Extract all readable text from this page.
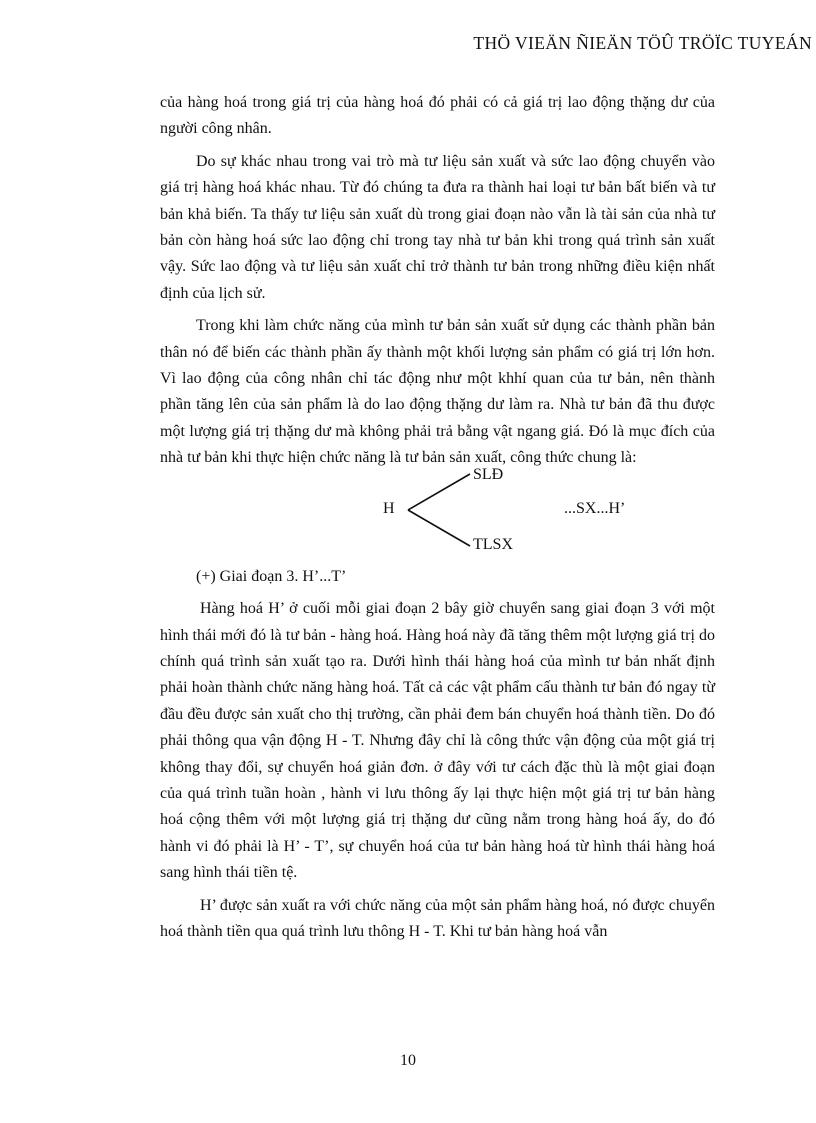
THÖ VIEÄN ÑIEÄN TÖÛ TRÖÏC TUYEÁN

của hàng hoá trong giá trị của hàng hoá đó phải có cả giá trị lao động thặng dư của người công nhân.

Do sự khác nhau trong vai trò mà tư liệu sản xuất và sức lao động chuyển vào giá trị hàng hoá khác nhau. Từ đó chúng ta đưa ra thành hai loại tư bản bất biến và tư bản khả biến. Ta thấy tư liệu sản xuất dù trong giai đoạn nào vẫn là tài sản của nhà tư bản còn hàng hoá sức lao động chỉ trong tay nhà tư bản khi trong quá trình sản xuất vậy. Sức lao động và tư liệu sản xuất chỉ trở thành tư bản trong những điều kiện nhất định của lịch sử.

Trong khi làm chức năng của mình tư bản sản xuất sử dụng các thành phần bản thân nó để biến các thành phần ấy thành một khối lượng sản phẩm có giá trị lớn hơn. Vì lao động của công nhân chỉ tác động như một khhí quan của tư bản, nên thành phần tăng lên của sản phẩm là do lao động thặng dư làm ra. Nhà tư bản đã thu được một lượng giá trị thặng dư mà không phải trả bằng vật ngang giá. Đó là mục đích của nhà tư bản khi thực hiện chức năng là tư bản sản xuất, công thức chung là:

H
SLĐ
TLSX
...SX...H’

(+) Giai đoạn 3. H’...T’

Hàng hoá H’ ở cuối mỗi giai đoạn 2 bây giờ chuyển sang giai đoạn 3 với một hình thái mới đó là tư bản - hàng hoá. Hàng hoá này đã tăng thêm một lượng giá trị do chính quá trình sản xuất tạo ra. Dưới hình thái hàng hoá của mình tư bản nhất định phải hoàn thành chức năng hàng hoá. Tất cả các vật phẩm cấu thành tư bản đó ngay từ đầu đều được sản xuất cho thị trường, cần phải đem bán chuyển hoá thành tiền. Do đó phải thông qua vận động H - T. Nhưng đây chỉ là công thức vận động của một giá trị không thay đổi, sự chuyển hoá giản đơn. ở đây với tư cách đặc thù là một giai đoạn của quá trình tuần hoàn , hành vi lưu thông ấy lại thực hiện một giá trị tư bản hàng hoá cộng thêm với một lượng giá trị thặng dư cũng nằm trong hàng hoá ấy, do đó hành vi đó phải là H’ - T’, sự chuyển hoá của tư bản hàng hoá từ hình thái hàng hoá sang hình thái tiền tệ.

H’ được sản xuất ra với chức năng của một sản phẩm hàng hoá, nó được chuyển hoá thành tiền qua quá trình lưu thông H - T. Khi tư bản hàng hoá vẫn

10
